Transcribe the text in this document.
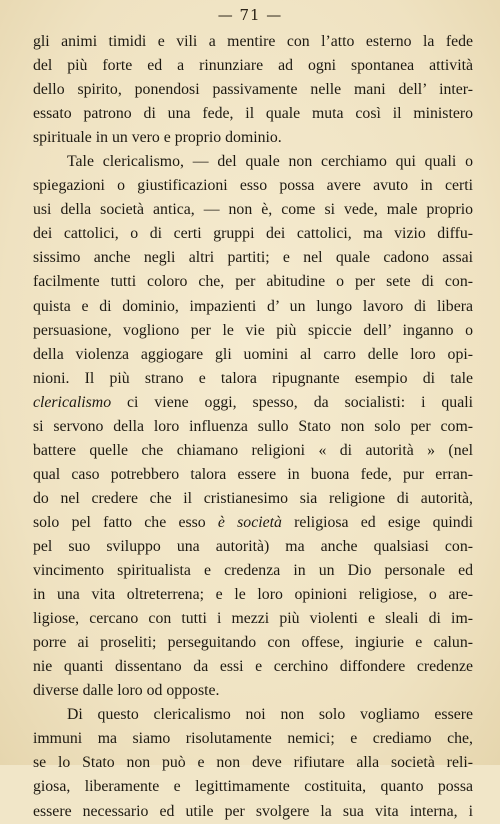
— 71 —
gli animi timidi e vili a mentire con l’atto esterno la fede
del più forte ed a rinunziare ad ogni spontanea attività
dello spirito, ponendosi passivamente nelle mani dell’ inter-
essato patrono di una fede, il quale muta così il ministero
spirituale in un vero e proprio dominio.
Tale clericalismo, — del quale non cerchiamo qui quali o
spiegazioni o giustificazioni esso possa avere avuto in certi
usi della società antica, — non è, come si vede, male proprio
dei cattolici, o di certi gruppi dei cattolici, ma vizio diffu-
sissimo anche negli altri partiti; e nel quale cadono assai
facilmente tutti coloro che, per abitudine o per sete di con-
quista e di dominio, impazienti d’ un lungo lavoro di libera
persuasione, vogliono per le vie più spiccie dell’ inganno o
della violenza aggiogare gli uomini al carro delle loro opi-
nioni. Il più strano e talora ripugnante esempio di tale
clericalismo ci viene oggi, spesso, da socialisti: i quali
si servono della loro influenza sullo Stato non solo per com-
battere quelle che chiamano religioni « di autorità » (nel
qual caso potrebbero talora essere in buona fede, pur erran-
do nel credere che il cristianesimo sia religione di autorità,
solo pel fatto che esso è società religiosa ed esige quindi
pel suo sviluppo una autorità) ma anche qualsiasi con-
vincimento spiritualista e credenza in un Dio personale ed
in una vita oltreterrena; e le loro opinioni religiose, o are-
ligiose, cercano con tutti i mezzi più violenti e sleali di im-
porre ai proseliti; perseguitando con offese, ingiurie e calun-
nie quanti dissentano da essi e cerchino diffondere credenze
diverse dalle loro od opposte.
Di questo clericalismo noi non solo vogliamo essere
immuni ma siamo risolutamente nemici; e crediamo che,
se lo Stato non può e non deve rifiutare alla società reli-
giosa, liberamente e legittimamente costituita, quanto possa
essere necessario ed utile per svolgere la sua vita interna, i
